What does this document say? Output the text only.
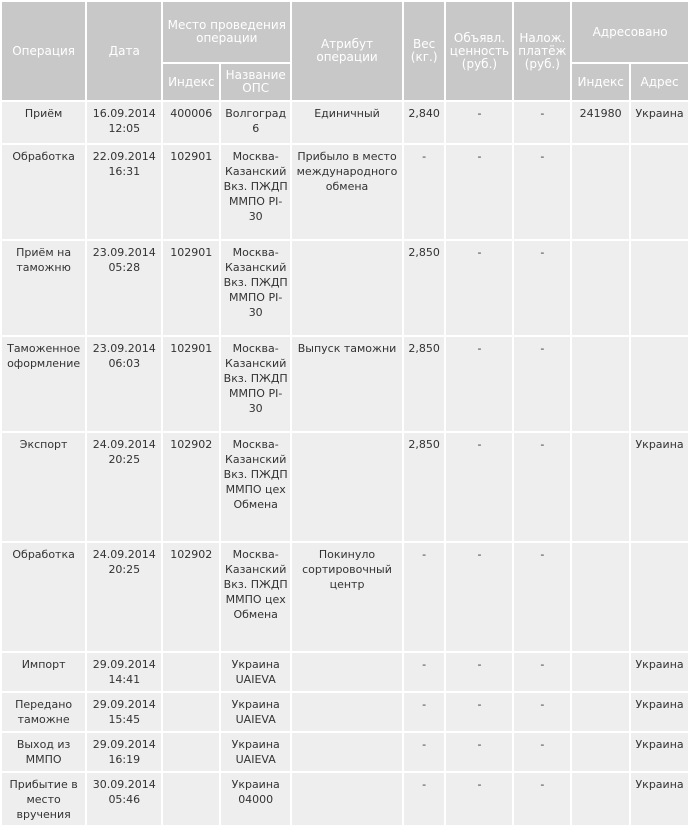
Операция	Дата	Место проведения операции		Атрибут операции	Вес (кг.)	Объявл. ценность (руб.)	Налож. платёж (руб.)	Адресовано	
		Индекс	Название ОПС					Индекс	Адрес
Приём	16.09.2014 12:05	400006	Волгоград 6	Единичный	2,840	-	-	241980	Украина
Обработка	22.09.2014 16:31	102901	Москва-Казанский Вкз. ПЖДП ММПО PI-30	Прибыло в место международного обмена	-	-	-		
Приём на таможню	23.09.2014 05:28	102901	Москва-Казанский Вкз. ПЖДП ММПО PI-30		2,850	-	-		
Таможенное оформление	23.09.2014 06:03	102901	Москва-Казанский Вкз. ПЖДП ММПО PI-30	Выпуск таможни	2,850	-	-		
Экспорт	24.09.2014 20:25	102902	Москва-Казанский Вкз. ПЖДП ММПО цех Обмена		2,850	-	-		Украина
Обработка	24.09.2014 20:25	102902	Москва-Казанский Вкз. ПЖДП ММПО цех Обмена	Покинуло сортировочный центр	-	-	-		
Импорт	29.09.2014 14:41		Украина UAIEVA		-	-	-		Украина
Передано таможне	29.09.2014 15:45		Украина UAIEVA		-	-	-		Украина
Выход из ММПО	29.09.2014 16:19		Украина UAIEVA		-	-	-		Украина
Прибытие в место вручения	30.09.2014 05:46		Украина 04000		-	-	-		Украина
